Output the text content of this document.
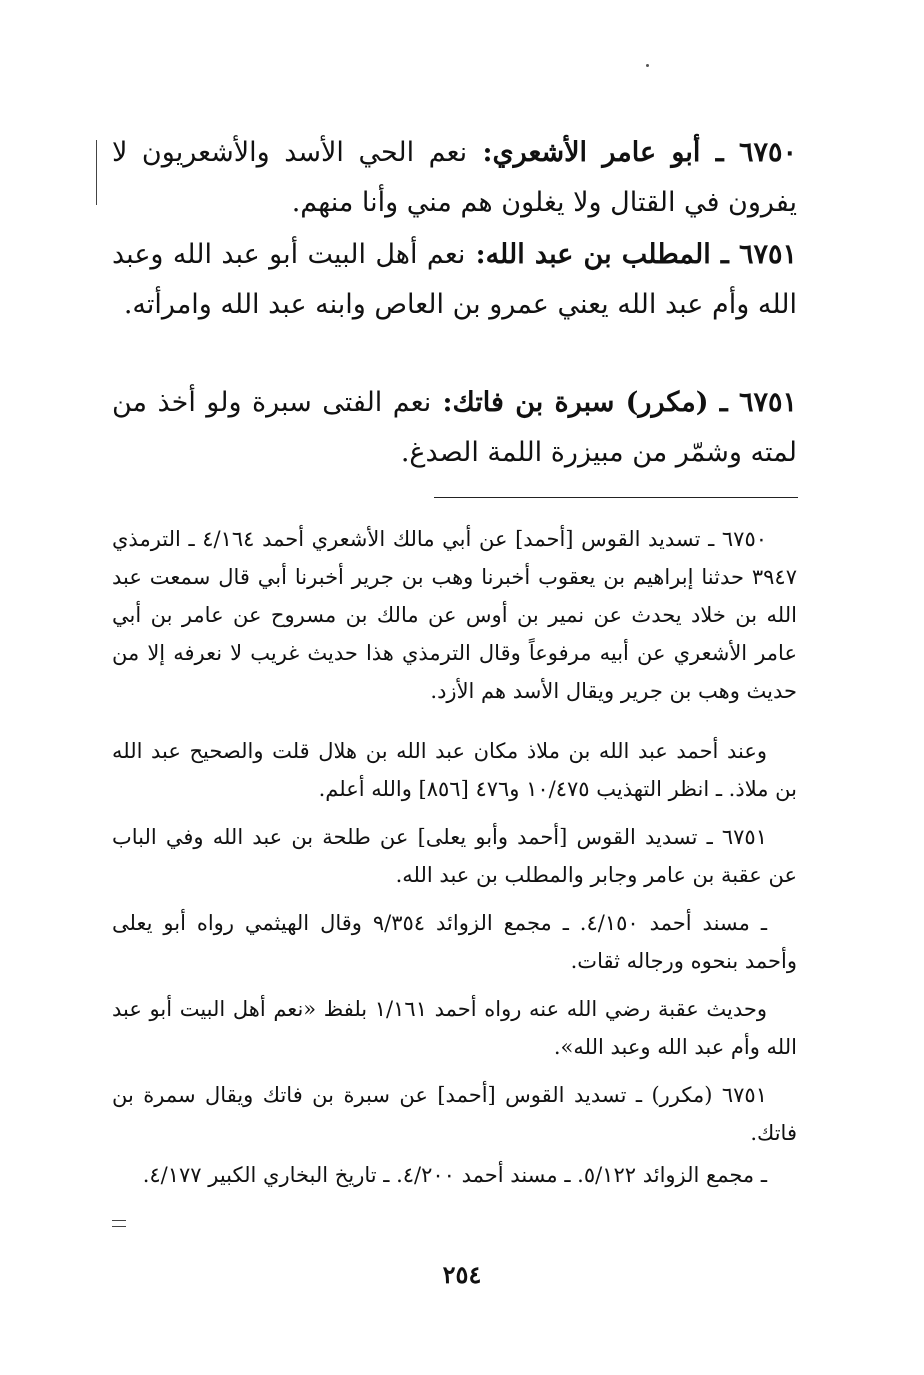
٦٧٥٠ ـ أبو عامر الأشعري: نعم الحي الأسد والأشعريون لا يفرون في القتال ولا يغلون هم مني وأنا منهم.
٦٧٥١ ـ المطلب بن عبد الله: نعم أهل البيت أبو عبد الله وعبد الله وأم عبد الله يعني عمرو بن العاص وابنه عبد الله وامرأته.
٦٧٥١ ـ (مكرر) سبرة بن فاتك: نعم الفتى سبرة ولو أخذ من لمته وشمّر من مبيزرة اللمة الصدغ.
٦٧٥٠ ـ تسديد القوس [أحمد] عن أبي مالك الأشعري أحمد ٤/١٦٤ ـ الترمذي ٣٩٤٧ حدثنا إبراهيم بن يعقوب أخبرنا وهب بن جرير أخبرنا أبي قال سمعت عبد الله بن خلاد يحدث عن نمير بن أوس عن مالك بن مسروح عن عامر بن أبي عامر الأشعري عن أبيه مرفوعاً وقال الترمذي هذا حديث غريب لا نعرفه إلا من حديث وهب بن جرير ويقال الأسد هم الأزد.
وعند أحمد عبد الله بن ملاذ مكان عبد الله بن هلال قلت والصحيح عبد الله بن ملاذ. ـ انظر التهذيب ١٠/٤٧٥ و٤٧٦ [٨٥٦] والله أعلم.
٦٧٥١ ـ تسديد القوس [أحمد وأبو يعلى] عن طلحة بن عبد الله وفي الباب عن عقبة بن عامر وجابر والمطلب بن عبد الله.
ـ مسند أحمد ٤/١٥٠. ـ مجمع الزوائد ٩/٣٥٤ وقال الهيثمي رواه أبو يعلى وأحمد بنحوه ورجاله ثقات.
وحديث عقبة رضي الله عنه رواه أحمد ١/١٦١ بلفظ «نعم أهل البيت أبو عبد الله وأم عبد الله وعبد الله».
٦٧٥١ (مكرر) ـ تسديد القوس [أحمد] عن سبرة بن فاتك ويقال سمرة بن فاتك.
ـ مجمع الزوائد ٥/١٢٢. ـ مسند أحمد ٤/٢٠٠. ـ تاريخ البخاري الكبير ٤/١٧٧.
٢٥٤
